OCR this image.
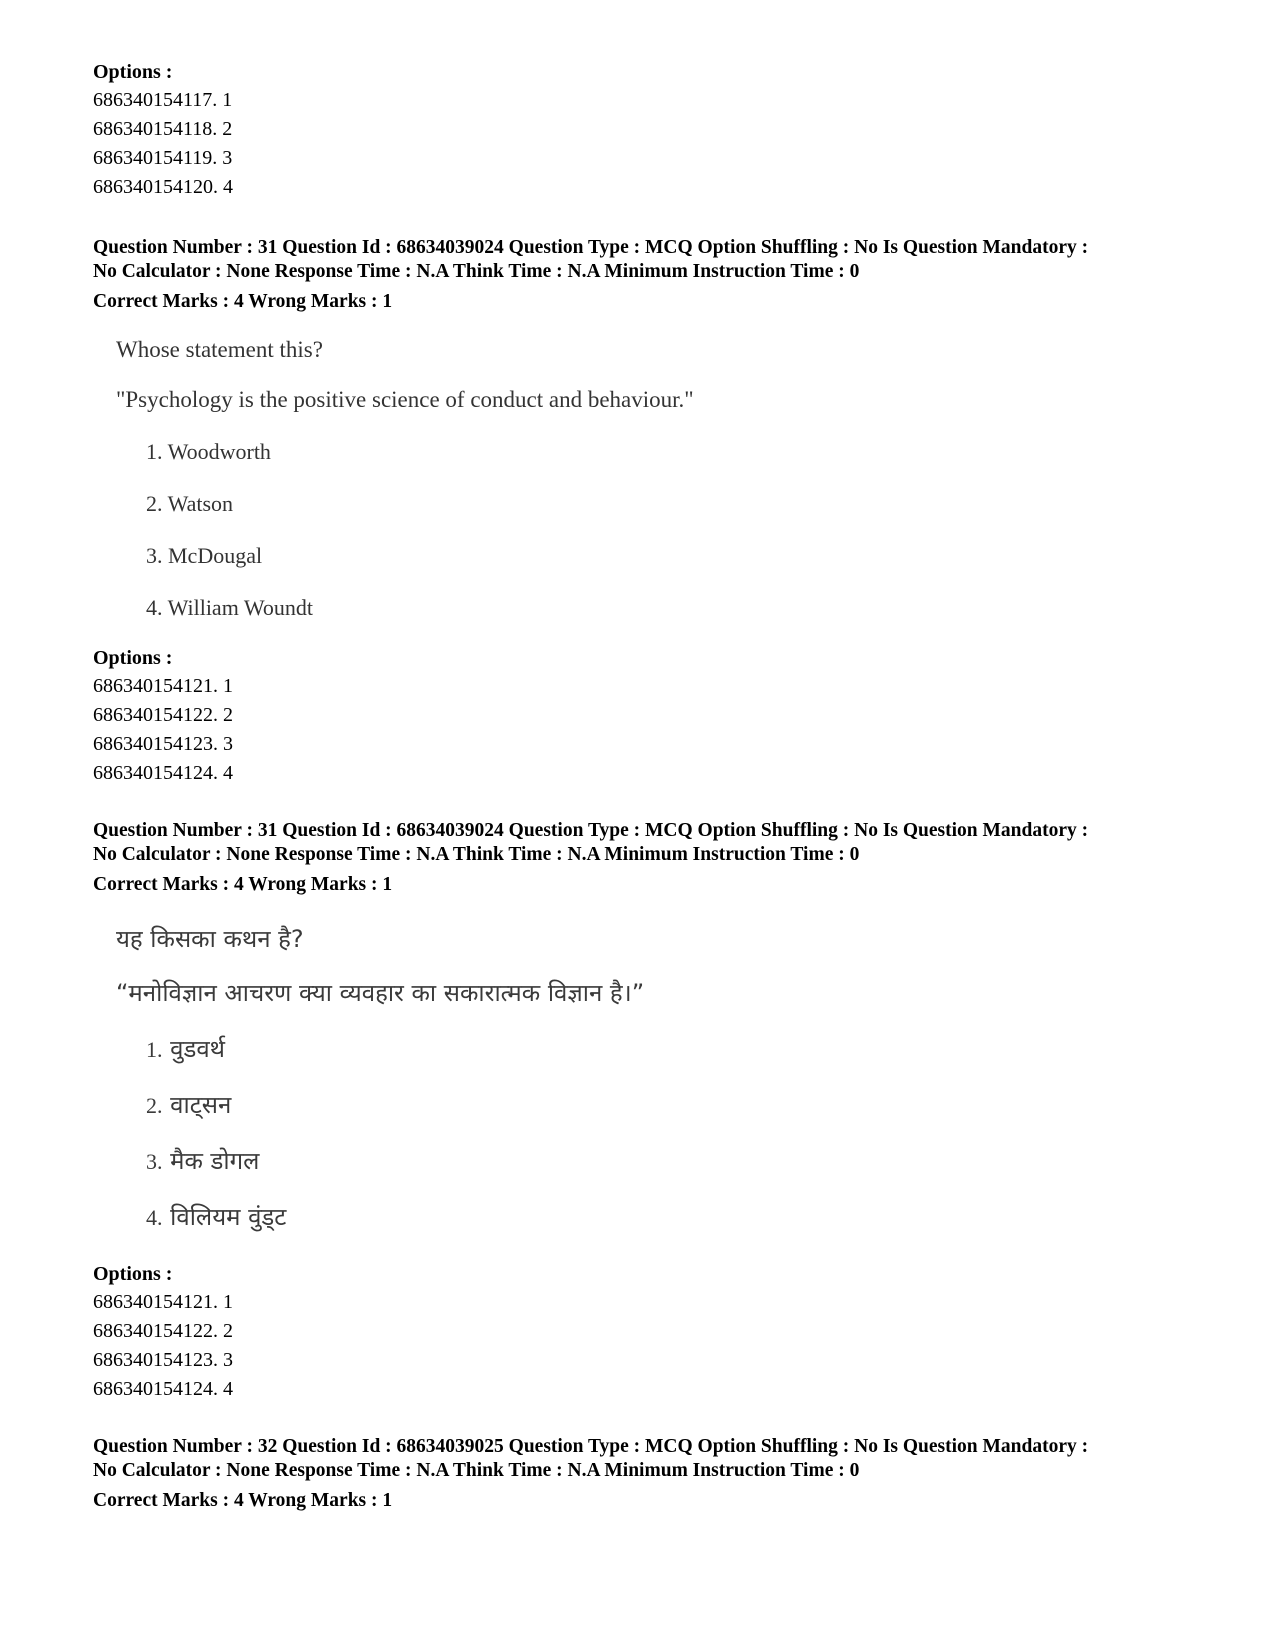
Options :
686340154117. 1
686340154118. 2
686340154119. 3
686340154120. 4
Question Number : 31 Question Id : 68634039024 Question Type : MCQ Option Shuffling : No Is Question Mandatory :
No Calculator : None Response Time : N.A Think Time : N.A Minimum Instruction Time : 0
Correct Marks : 4 Wrong Marks : 1
Whose statement this?
"Psychology is the positive science of conduct and behaviour."
1. Woodworth
2. Watson
3. McDougal
4. William Woundt
Options :
686340154121. 1
686340154122. 2
686340154123. 3
686340154124. 4
Question Number : 31 Question Id : 68634039024 Question Type : MCQ Option Shuffling : No Is Question Mandatory :
No Calculator : None Response Time : N.A Think Time : N.A Minimum Instruction Time : 0
Correct Marks : 4 Wrong Marks : 1
यह किसका कथन है?
“मनोविज्ञान आचरण क्या व्यवहार का सकारात्मक विज्ञान है।”
1. वुडवर्थ
2. वाट्सन
3. मैक डोगल
4. विलियम वुंड्ट
Options :
686340154121. 1
686340154122. 2
686340154123. 3
686340154124. 4
Question Number : 32 Question Id : 68634039025 Question Type : MCQ Option Shuffling : No Is Question Mandatory :
No Calculator : None Response Time : N.A Think Time : N.A Minimum Instruction Time : 0
Correct Marks : 4 Wrong Marks : 1
